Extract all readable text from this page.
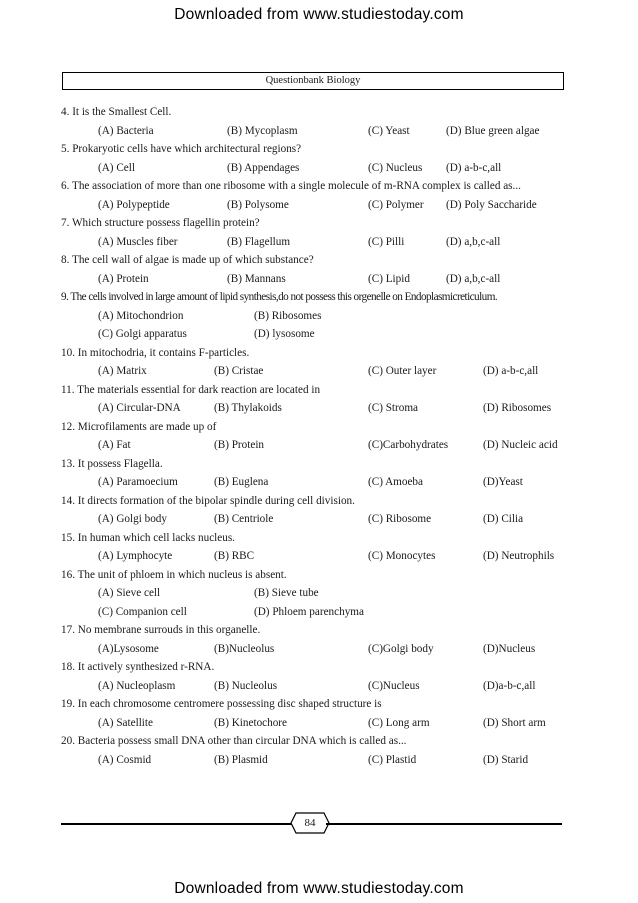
Downloaded from www.studiestoday.com
Questionbank Biology
4. It is the Smallest Cell.
(A) Bacteria	(B) Mycoplasm	(C) Yeast	(D) Blue green algae
5. Prokaryotic cells have which architectural regions?
(A) Cell	(B) Appendages	(C) Nucleus (D) a-b-c,all
6. The association of more than one ribosome with a single molecule of m-RNA complex is called as...
(A) Polypeptide	(B) Polysome	(C) Polymer (D) Poly Saccharide
7. Which structure possess flagellin protein?
(A) Muscles fiber	(B) Flagellum	(C) Pilli	(D) a,b,c-all
8. The cell wall of algae is made up of which substance?
(A) Protein	(B) Mannans	(C) Lipid	(D) a,b,c-all
9. The cells involved in large amount of lipid synthesis,do not possess this orgenelle on Endoplasmicreticulum.
(A) Mitochondrion	(B) Ribosomes
(C) Golgi apparatus	(D) lysosome
10. In mitochodria, it contains F-particles.
(A) Matrix	(B) Cristae	(C) Outer layer	(D) a-b-c,all
11. The materials essential for dark reaction are located in
(A) Circular-DNA	(B) Thylakoids	(C) Stroma	(D) Ribosomes
12. Microfilaments are made up of
(A) Fat	(B) Protein	(C)Carbohydrates	(D) Nucleic acid
13. It possess Flagella.
(A) Paramoecium	(B) Euglena	(C) Amoeba	(D)Yeast
14. It directs formation of the bipolar spindle during cell division.
(A) Golgi body	(B) Centriole	(C) Ribosome	(D) Cilia
15. In human which cell lacks nucleus.
(A) Lymphocyte	(B) RBC	(C) Monocytes	(D) Neutrophils
16. The unit of phloem in which nucleus is absent.
(A) Sieve cell	(B) Sieve tube
(C) Companion cell	(D) Phloem parenchyma
17. No membrane surrouds in this organelle.
(A)Lysosome	(B)Nucleolus	(C)Golgi body	(D)Nucleus
18. It actively synthesized r-RNA.
(A) Nucleoplasm	(B) Nucleolus	(C)Nucleus	(D)a-b-c,all
19. In each chromosome centromere possessing disc shaped structure is
(A) Satellite	(B) Kinetochore	(C) Long arm	(D) Short arm
20. Bacteria possess small DNA other than circular DNA which is called as...
(A) Cosmid	(B) Plasmid	(C) Plastid	(D) Starid
84
Downloaded from www.studiestoday.com
